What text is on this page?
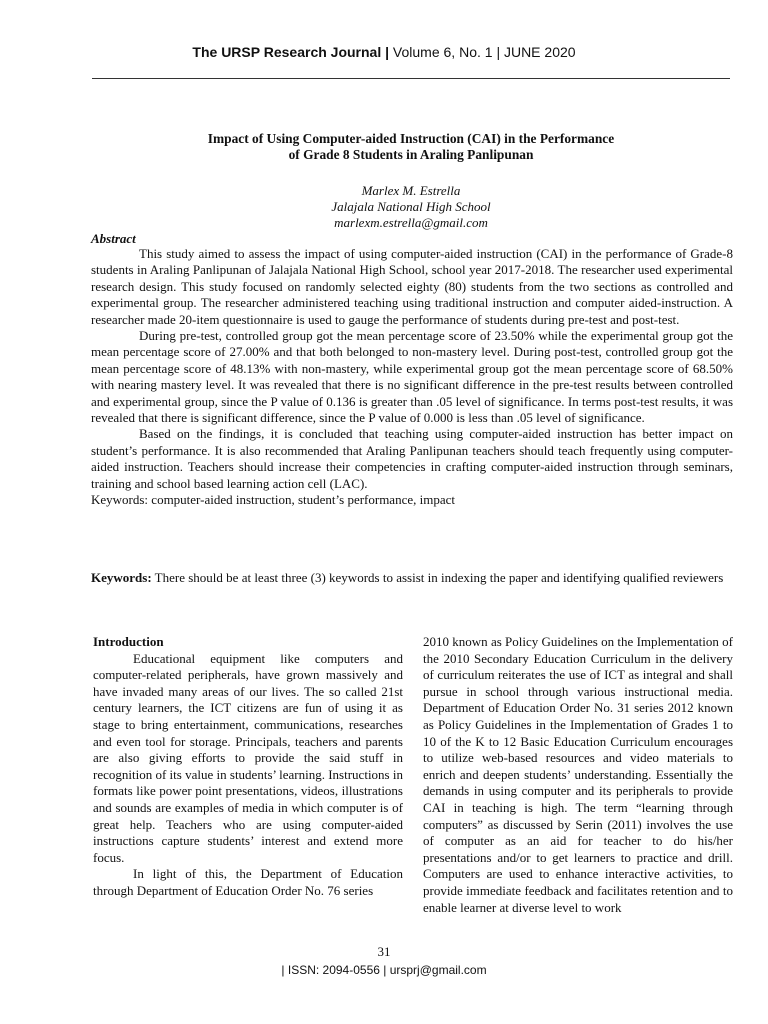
The URSP Research Journal | Volume 6, No. 1 | JUNE 2020
Impact of Using Computer-aided Instruction (CAI) in the Performance
of Grade 8 Students in Araling Panlipunan
Marlex M. Estrella
Jalajala National High School
marlexm.estrella@gmail.com
Abstract

This study aimed to assess the impact of using computer-aided instruction (CAI) in the performance of Grade-8 students in Araling Panlipunan of Jalajala National High School, school year 2017-2018. The researcher used experimental research design. This study focused on randomly selected eighty (80) students from the two sections as controlled and experimental group. The researcher administered teaching using traditional instruction and computer aided-instruction. A researcher made 20-item questionnaire is used to gauge the performance of students during pre-test and post-test.

During pre-test, controlled group got the mean percentage score of 23.50% while the experimental group got the mean percentage score of 27.00% and that both belonged to non-mastery level. During post-test, controlled group got the mean percentage score of 48.13% with non-mastery, while experimental group got the mean percentage score of 68.50% with nearing mastery level. It was revealed that there is no significant difference in the pre-test results between controlled and experimental group, since the P value of 0.136 is greater than .05 level of significance. In terms post-test results, it was revealed that there is significant difference, since the P value of 0.000 is less than .05 level of significance.

Based on the findings, it is concluded that teaching using computer-aided instruction has better impact on student’s performance. It is also recommended that Araling Panlipunan teachers should teach frequently using computer-aided instruction. Teachers should increase their competencies in crafting computer-aided instruction through seminars, training and school based learning action cell (LAC).

Keywords: computer-aided instruction, student’s performance, impact

Keywords: There should be at least three (3) keywords to assist in indexing the paper and identifying qualified reviewers

Introduction

Educational equipment like computers and computer-related peripherals, have grown massively and have invaded many areas of our lives. The so called 21st century learners, the ICT citizens are fun of using it as stage to bring entertainment, communications, researches and even tool for storage. Principals, teachers and parents are also giving efforts to provide the said stuff in recognition of its value in students’ learning. Instructions in formats like power point presentations, videos, illustrations and sounds are examples of media in which computer is of great help. Teachers who are using computer-aided instructions capture students’ interest and extend more focus.

In light of this, the Department of Education through Department of Education Order No. 76 series

2010 known as Policy Guidelines on the Implementation of the 2010 Secondary Education Curriculum in the delivery of curriculum reiterates the use of ICT as integral and shall pursue in school through various instructional media. Department of Education Order No. 31 series 2012 known as Policy Guidelines in the Implementation of Grades 1 to 10 of the K to 12 Basic Education Curriculum encourages to utilize web-based resources and video materials to enrich and deepen students’ understanding. Essentially the demands in using computer and its peripherals to provide CAI in teaching is high. The term “learning through computers” as discussed by Serin (2011) involves the use of computer as an aid for teacher to do his/her presentations and/or to get learners to practice and drill. Computers are used to enhance interactive activities, to provide immediate feedback and facilitates retention and to enable learner at diverse level to work

31
| ISSN: 2094-0556 | ursprj@gmail.com
